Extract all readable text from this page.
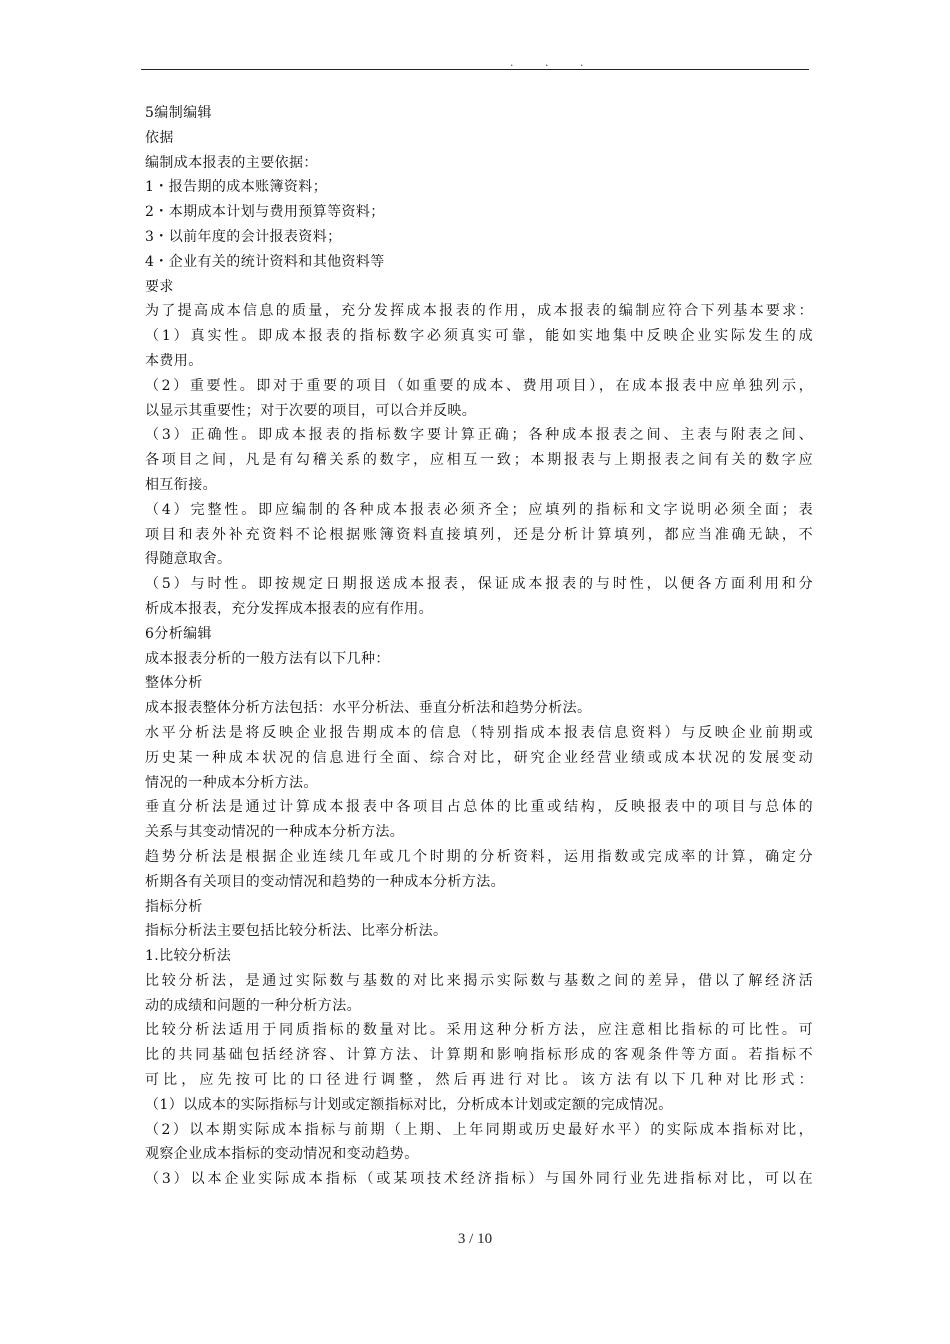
. . .
5编制编辑
依据
编制成本报表的主要依据：
1・报告期的成本账簿资料；
2・本期成本计划与费用预算等资料；
3・以前年度的会计报表资料；
4・企业有关的统计资料和其他资料等
要求
为了提高成本信息的质量，充分发挥成本报表的作用，成本报表的编制应符合下列基本要求：
（1）真实性。即成本报表的指标数字必须真实可靠，能如实地集中反映企业实际发生的成
本费用。
（2）重要性。即对于重要的项目（如重要的成本、费用项目），在成本报表中应单独列示，
以显示其重要性；对于次要的项目，可以合并反映。
（3）正确性。即成本报表的指标数字要计算正确；各种成本报表之间、主表与附表之间、
各项目之间，凡是有勾稽关系的数字，应相互一致；本期报表与上期报表之间有关的数字应
相互衔接。
（4）完整性。即应编制的各种成本报表必须齐全；应填列的指标和文字说明必须全面；表
项目和表外补充资料不论根据账簿资料直接填列，还是分析计算填列，都应当准确无缺，不
得随意取舍。
（5）与时性。即按规定日期报送成本报表，保证成本报表的与时性，以便各方面利用和分
析成本报表，充分发挥成本报表的应有作用。
6分析编辑
成本报表分析的一般方法有以下几种：
整体分析
成本报表整体分析方法包括：水平分析法、垂直分析法和趋势分析法。
水平分析法是将反映企业报告期成本的信息（特别指成本报表信息资料）与反映企业前期或
历史某一种成本状况的信息进行全面、综合对比，研究企业经营业绩或成本状况的发展变动
情况的一种成本分析方法。
垂直分析法是通过计算成本报表中各项目占总体的比重或结构，反映报表中的项目与总体的
关系与其变动情况的一种成本分析方法。
趋势分析法是根据企业连续几年或几个时期的分析资料，运用指数或完成率的计算，确定分
析期各有关项目的变动情况和趋势的一种成本分析方法。
指标分析
指标分析法主要包括比较分析法、比率分析法。
1.比较分析法
比较分析法，是通过实际数与基数的对比来揭示实际数与基数之间的差异，借以了解经济活
动的成绩和问题的一种分析方法。
比较分析法适用于同质指标的数量对比。采用这种分析方法，应注意相比指标的可比性。可
比的共同基础包括经济容、计算方法、计算期和影响指标形成的客观条件等方面。若指标不
可比，应先按可比的口径进行调整，然后再进行对比。该方法有以下几种对比形式：
（1）以成本的实际指标与计划或定额指标对比，分析成本计划或定额的完成情况。
（2）以本期实际成本指标与前期（上期、上年同期或历史最好水平）的实际成本指标对比，
观察企业成本指标的变动情况和变动趋势。
（3）以本企业实际成本指标（或某项技术经济指标）与国外同行业先进指标对比，可以在
3 / 10
